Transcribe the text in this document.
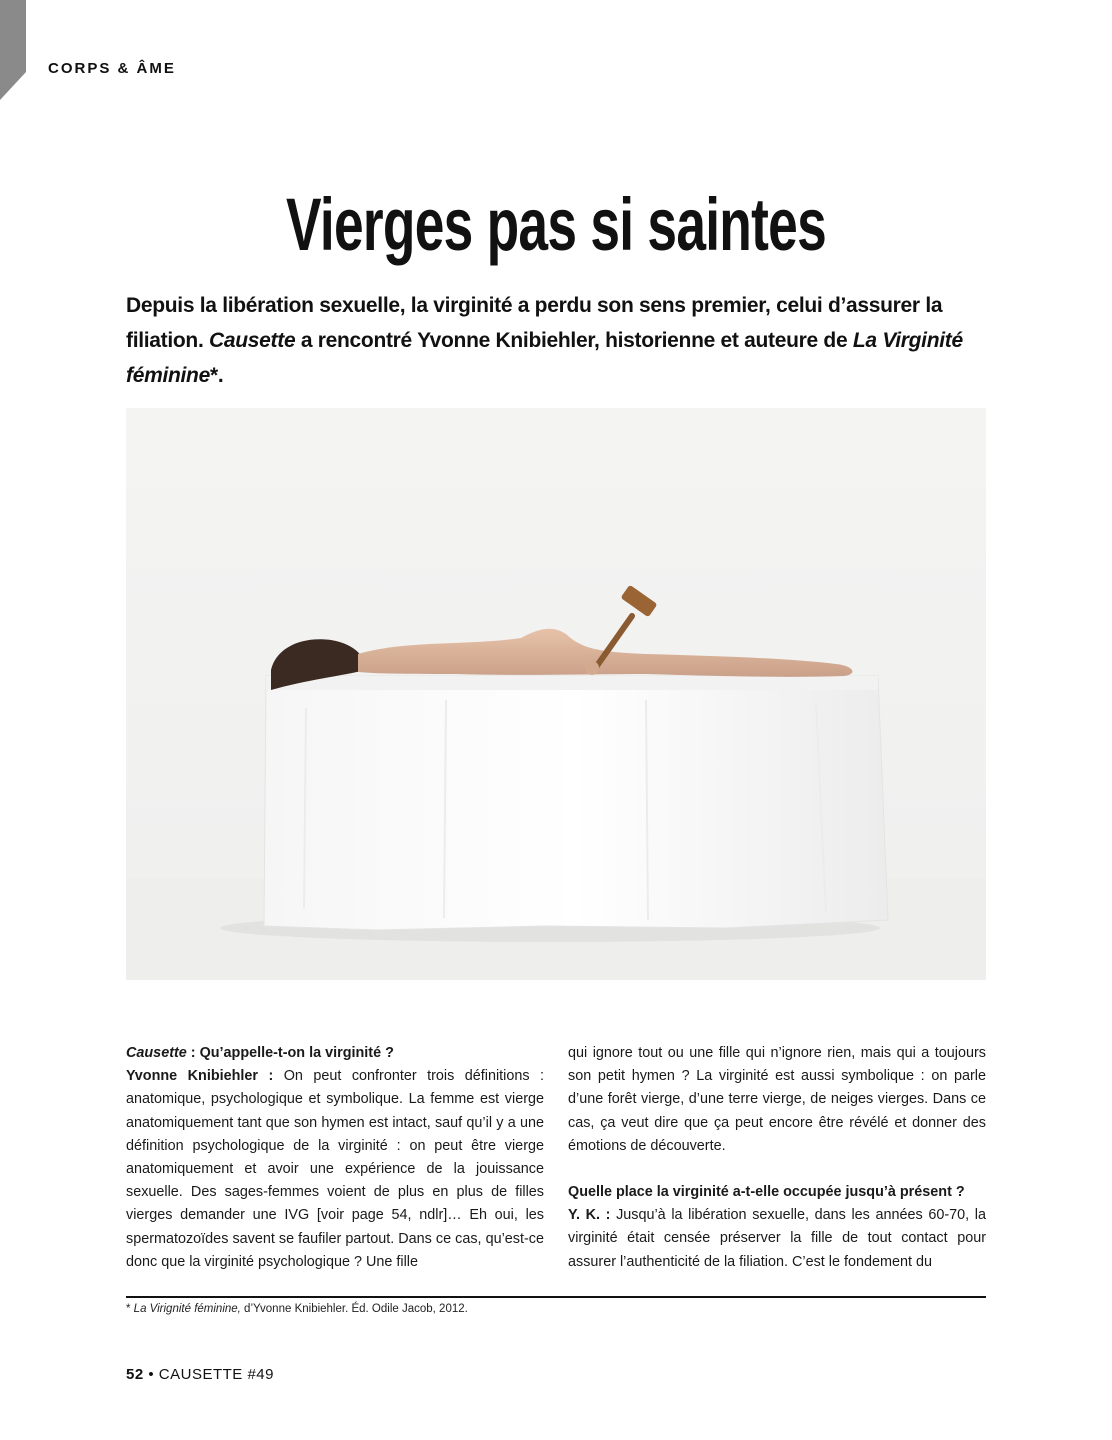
CORPS & ÂME
Vierges pas si saintes
Depuis la libération sexuelle, la virginité a perdu son sens premier, celui d’assurer la filiation. Causette a rencontré Yvonne Knibiehler, historienne et auteure de La Virginité féminine*.

Causette : Qu’appelle-t-on la virginité ?

Yvonne Knibiehler : On peut confronter trois définitions : anatomique, psychologique et symbolique. La femme est vierge anatomiquement tant que son hymen est intact, sauf qu’il y a une définition psychologique de la virginité : on peut être vierge anatomiquement et avoir une expérience de la jouissance sexuelle. Des sages-femmes voient de plus en plus de filles vierges demander une IVG [voir page 54, ndlr]… Eh oui, les spermatozoïdes savent se faufiler partout. Dans ce cas, qu’est-ce donc que la virginité psychologique ? Une fille

qui ignore tout ou une fille qui n’ignore rien, mais qui a toujours son petit hymen ? La virginité est aussi symbolique : on parle d’une forêt vierge, d’une terre vierge, de neiges vierges. Dans ce cas, ça veut dire que ça peut encore être révélé et donner des émotions de découverte.

Quelle place la virginité a-t-elle occupée jusqu’à présent ?

Y. K. : Jusqu’à la libération sexuelle, dans les années 60-70, la virginité était censée préserver la fille de tout contact pour assurer l’authenticité de la filiation. C’est le fondement du

* La Virignité féminine, d’Yvonne Knibiehler. Éd. Odile Jacob, 2012.
52 • CAUSETTE #49
